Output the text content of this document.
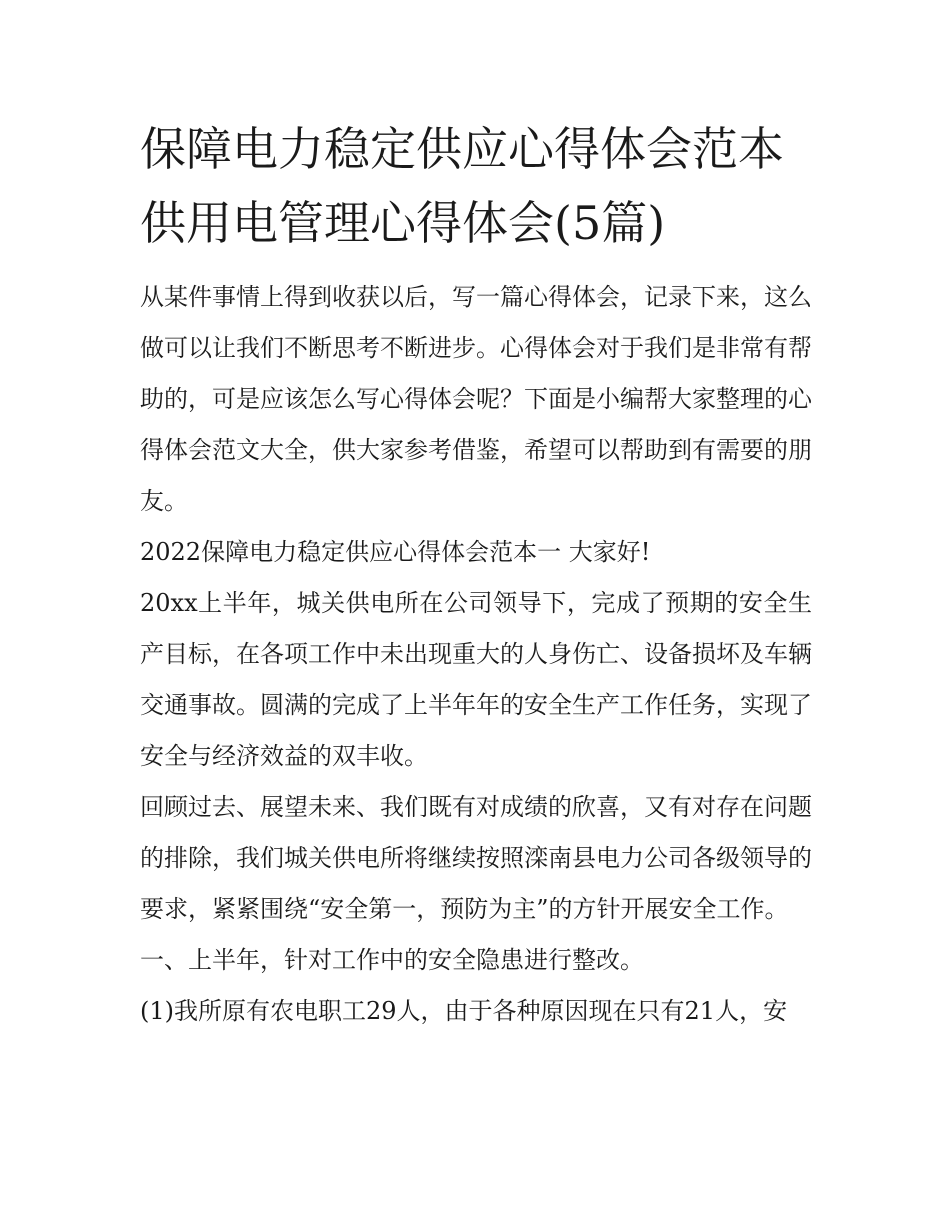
保障电力稳定供应心得体会范本 供用电管理心得体会(5篇)

从某件事情上得到收获以后，写一篇心得体会，记录下来，这么做可以让我们不断思考不断进步。心得体会对于我们是非常有帮助的，可是应该怎么写心得体会呢？下面是小编帮大家整理的心得体会范文大全，供大家参考借鉴，希望可以帮助到有需要的朋友。

2022保障电力稳定供应心得体会范本一 大家好!

20xx上半年，城关供电所在公司领导下，完成了预期的安全生产目标，在各项工作中未出现重大的人身伤亡、设备损坏及车辆交通事故。圆满的完成了上半年年的安全生产工作任务，实现了安全与经济效益的双丰收。

回顾过去、展望未来、我们既有对成绩的欣喜，又有对存在问题的排除，我们城关供电所将继续按照滦南县电力公司各级领导的要求，紧紧围绕“安全第一，预防为主”的方针开展安全工作。

一、上半年，针对工作中的安全隐患进行整改。

(1)我所原有农电职工29人，由于各种原因现在只有21人，安
